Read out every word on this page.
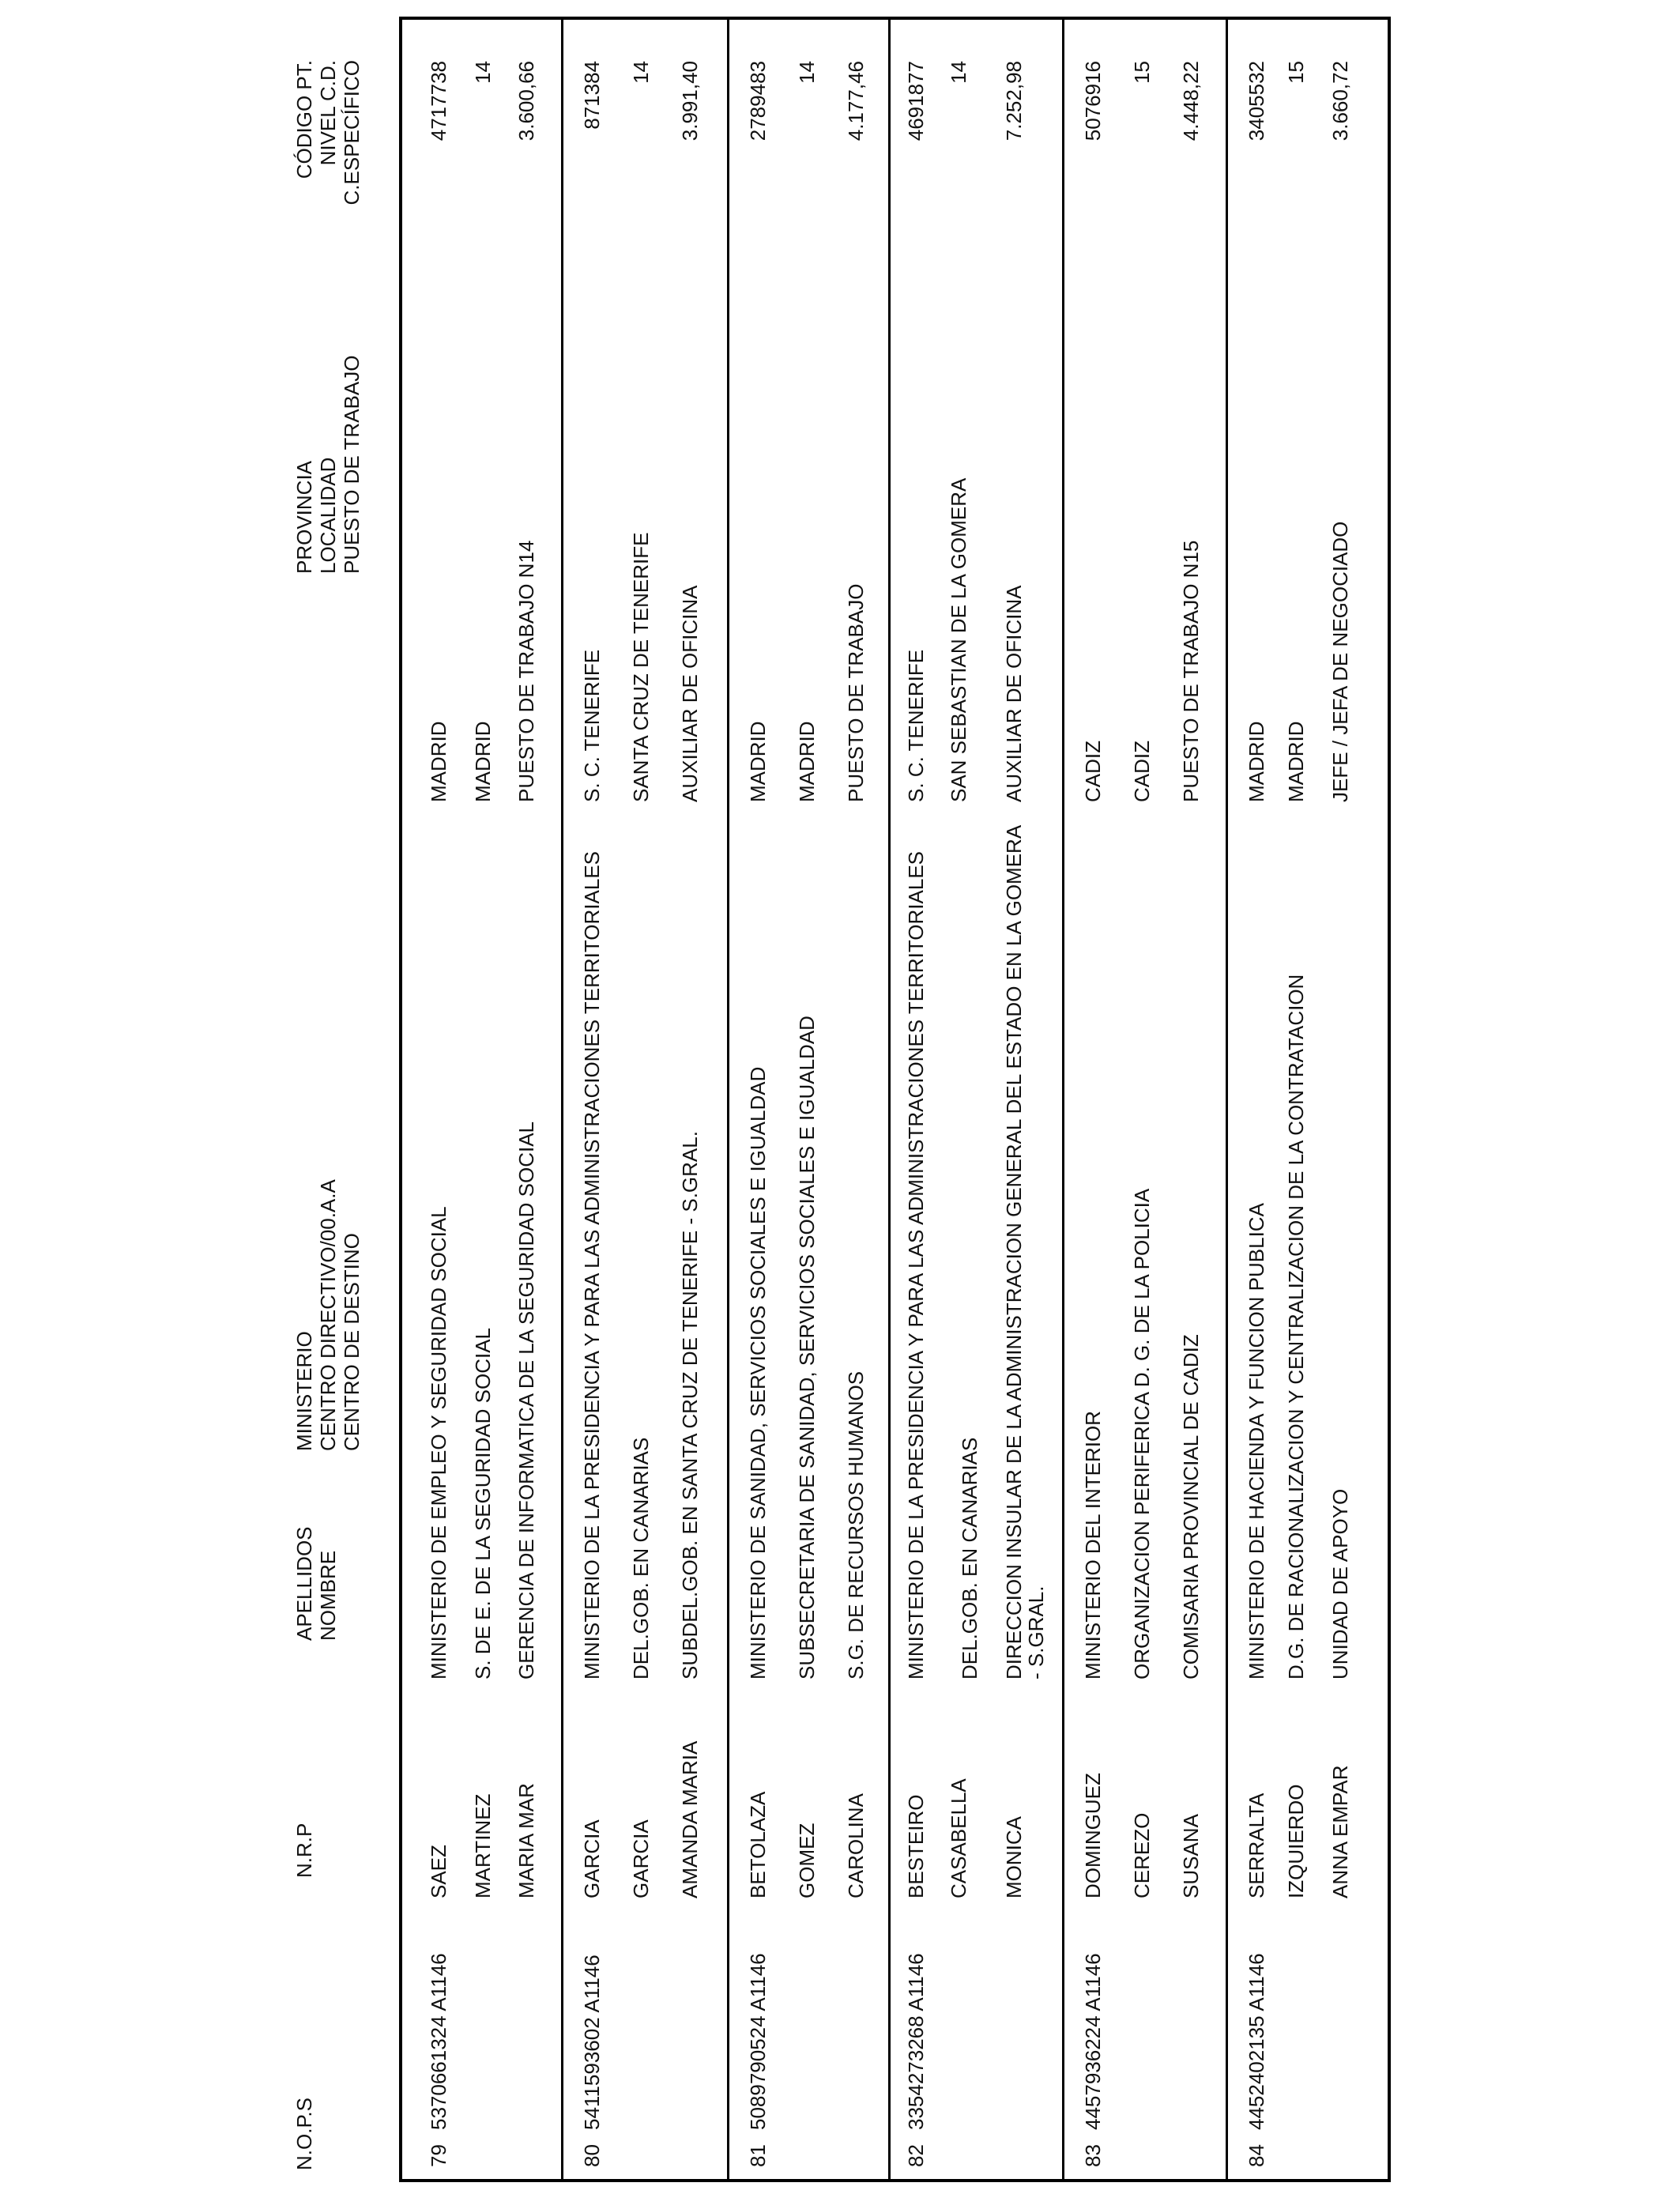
N.O.P.S
N.R.P
APELLIDOS NOMBRE
MINISTERIO CENTRO DIRECTIVO/00.A.A CENTRO DE DESTINO
PROVINCIA LOCALIDAD PUESTO DE TRABAJO
CÓDIGO PT. NIVEL C.D. C.ESPECÍFICO
79
5370661324 A1146
SAEZ MARTINEZ MARIA MAR
MINISTERIO DE EMPLEO Y SEGURIDAD SOCIAL S. DE E. DE LA SEGURIDAD SOCIAL GERENCIA DE INFORMATICA DE LA SEGURIDAD SOCIAL
MADRID MADRID PUESTO DE TRABAJO N14
4717738 14 3.600,66
80
5411593602 A1146
GARCIA GARCIA AMANDA MARIA
MINISTERIO DE LA PRESIDENCIA Y PARA LAS ADMINISTRACIONES TERRITORIALES DEL.GOB. EN CANARIAS SUBDEL.GOB. EN SANTA CRUZ DE TENERIFE - S.GRAL.
S. C. TENERIFE SANTA CRUZ DE TENERIFE AUXILIAR DE OFICINA
871384 14 3.991,40
81
5089790524 A1146
BETOLAZA GOMEZ CAROLINA
MINISTERIO DE SANIDAD, SERVICIOS SOCIALES E IGUALDAD SUBSECRETARIA DE SANIDAD, SERVICIOS SOCIALES E IGUALDAD S.G. DE RECURSOS HUMANOS
MADRID MADRID PUESTO DE TRABAJO
2789483 14 4.177,46
82
3354273268 A1146
BESTEIRO CASABELLA MONICA
MINISTERIO DE LA PRESIDENCIA Y PARA LAS ADMINISTRACIONES TERRITORIALES DEL.GOB. EN CANARIAS DIRECCION INSULAR DE LA ADMINISTRACION GENERAL DEL ESTADO EN LA GOMERA - S.GRAL.
S. C. TENERIFE SAN SEBASTIAN DE LA GOMERA AUXILIAR DE OFICINA
4691877 14 7.252,98
83
4457936224 A1146
DOMINGUEZ CEREZO SUSANA
MINISTERIO DEL INTERIOR ORGANIZACION PERIFERICA D. G. DE LA POLICIA COMISARIA PROVINCIAL DE CADIZ
CADIZ CADIZ PUESTO DE TRABAJO N15
5076916 15 4.448,22
84
4452402135 A1146
SERRALTA IZQUIERDO ANNA EMPAR
MINISTERIO DE HACIENDA Y FUNCION PUBLICA D.G. DE RACIONALIZACION Y CENTRALIZACION DE LA CONTRATACION UNIDAD DE APOYO
MADRID MADRID JEFE / JEFA DE NEGOCIADO
3405532 15 3.660,72
